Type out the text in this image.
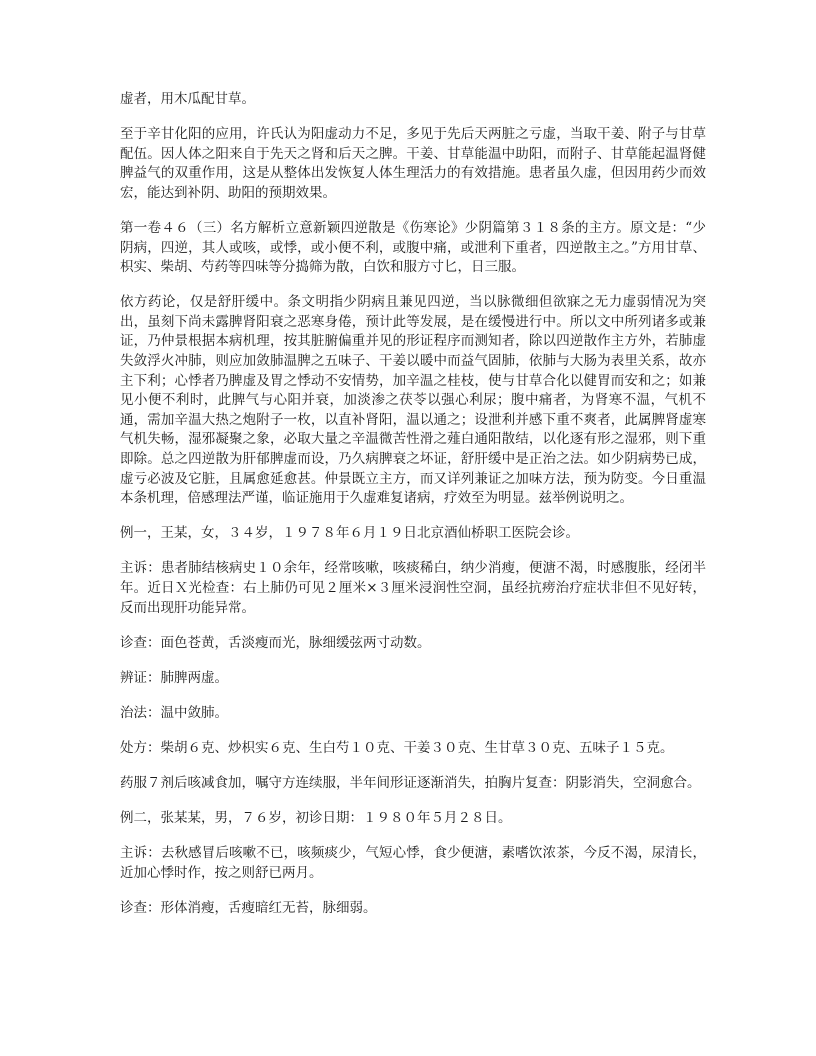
虚者，用木瓜配甘草。

至于辛甘化阳的应用，许氏认为阳虚动力不足，多见于先后天两脏之亏虚，当取干姜、附子与甘草配伍。因人体之阳来自于先天之肾和后天之脾。干姜、甘草能温中助阳，而附子、甘草能起温肾健脾益气的双重作用，这是从整体出发恢复人体生理活力的有效措施。患者虽久虚，但因用药少而效宏，能达到补阴、助阳的预期效果。

第一卷４６（三）名方解析立意新颖四逆散是《伤寒论》少阴篇第３１８条的主方。原文是：“少阴病，四逆，其人或咳，或悸，或小便不利，或腹中痛，或泄利下重者，四逆散主之。”方用甘草、枳实、柴胡、芍药等四味等分捣筛为散，白饮和服方寸匕，日三服。

依方药论，仅是舒肝缓中。条文明指少阴病且兼见四逆，当以脉微细但欲寐之无力虚弱情况为突出，虽刻下尚未露脾肾阳衰之恶寒身倦，预计此等发展，是在缓慢进行中。所以文中所列诸多或兼证，乃仲景根据本病机理，按其脏腑偏重并见的形证程序而测知者，除以四逆散作主方外，若肺虚失敛浮火冲肺，则应加敛肺温脾之五味子、干姜以暖中而益气固肺，依肺与大肠为表里关系，故亦主下利；心悸者乃脾虚及胃之悸动不安情势，加辛温之桂枝，使与甘草合化以健胃而安和之；如兼见小便不利时，此脾气与心阳并衰，加淡渗之茯苓以强心利尿；腹中痛者，为肾寒不温，气机不通，需加辛温大热之炮附子一枚，以直补肾阳，温以通之；设泄利并感下重不爽者，此属脾肾虚寒气机失畅，湿邪凝聚之象，必取大量之辛温微苦性滑之薤白通阳散结，以化逐有形之湿邪，则下重即除。总之四逆散为肝郁脾虚而设，乃久病脾衰之坏证，舒肝缓中是正治之法。如少阴病势已成，虚亏必波及它脏，且属愈延愈甚。仲景既立主方，而又详列兼证之加味方法，预为防变。今日重温本条机理，倍感理法严谨，临证施用于久虚难复诸病，疗效至为明显。兹举例说明之。

例一，王某，女，３４岁，１９７８年６月１９日北京酒仙桥职工医院会诊。

主诉：患者肺结核病史１０余年，经常咳嗽，咳痰稀白，纳少消瘦，便溏不渴，时感腹胀，经闭半年。近日Ｘ光检查：右上肺仍可见２厘米×３厘米浸润性空洞，虽经抗痨治疗症状非但不见好转，反而出现肝功能异常。

诊查：面色苍黄，舌淡瘦而光，脉细缓弦两寸动数。

辨证：肺脾两虚。

治法：温中敛肺。

处方：柴胡６克、炒枳实６克、生白芍１０克、干姜３０克、生甘草３０克、五味子１５克。

药服７剂后咳减食加，嘱守方连续服，半年间形证逐渐消失，拍胸片复查：阴影消失，空洞愈合。

例二，张某某，男，７６岁，初诊日期：１９８０年５月２８日。

主诉：去秋感冒后咳嗽不已，咳频痰少，气短心悸，食少便溏，素嗜饮浓茶，今反不渴，尿清长，近加心悸时作，按之则舒已两月。

诊查：形体消瘦，舌瘦暗红无苔，脉细弱。
